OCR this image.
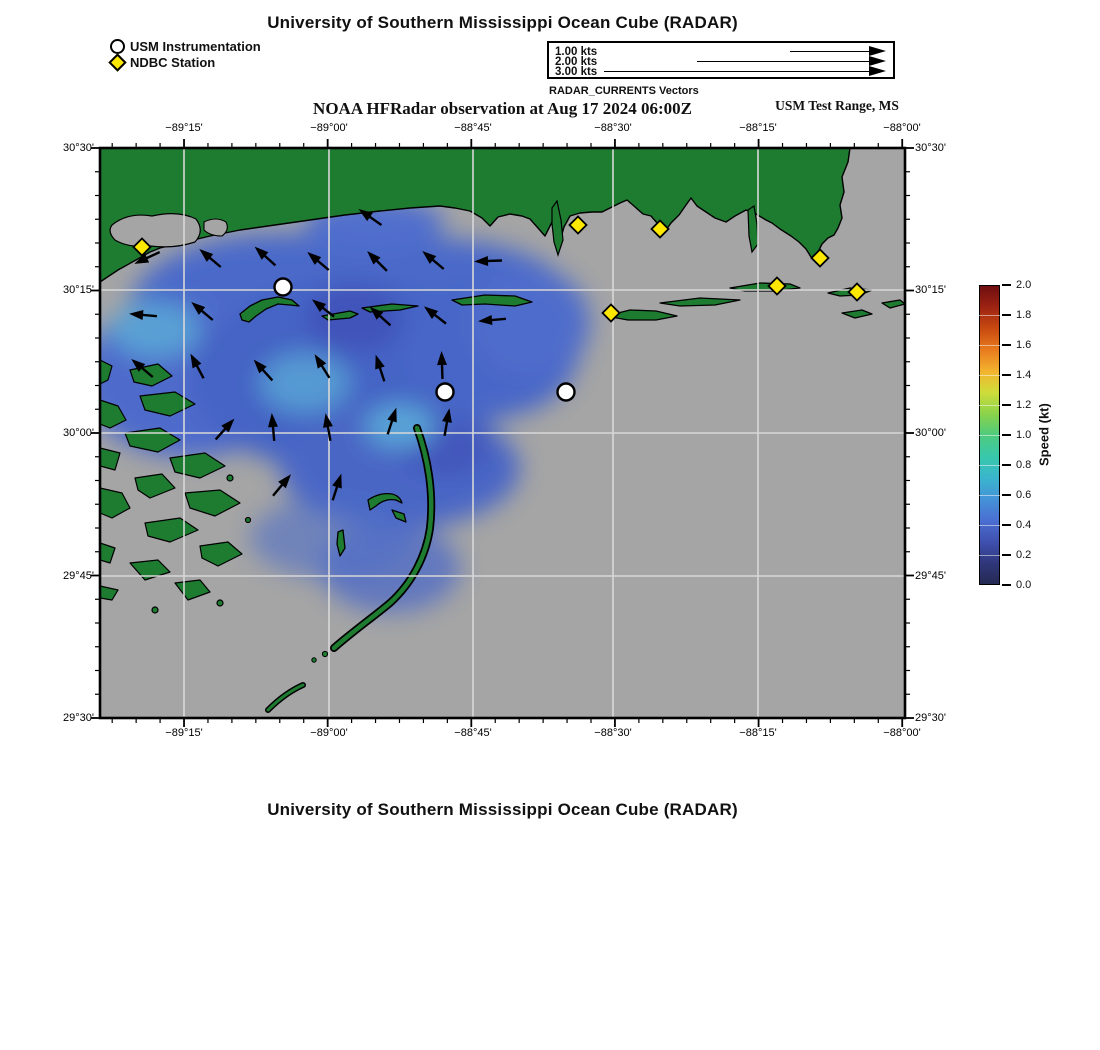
University of Southern Mississippi Ocean Cube (RADAR)
USM Instrumentation
NDBC Station
1.00 kts
2.00 kts
3.00 kts
RADAR_CURRENTS Vectors
NOAA HFRadar observation at Aug 17 2024 06:00Z	USM Test Range, MS
−89°15'
−89°15'
−89°00'
−89°00'
−88°45'
−88°45'
−88°30'
−88°30'
−88°15'
−88°15'
−88°00'
−88°00'
30°30'	30°30'
30°15'	30°15'
30°00'	30°00'
29°45'	29°45'
29°30'	29°30'
2.0
1.8
1.6
1.4
1.2
1.0
0.8
0.6
0.4
0.2
0.0
Speed (kt)
University of Southern Mississippi Ocean Cube (RADAR)
